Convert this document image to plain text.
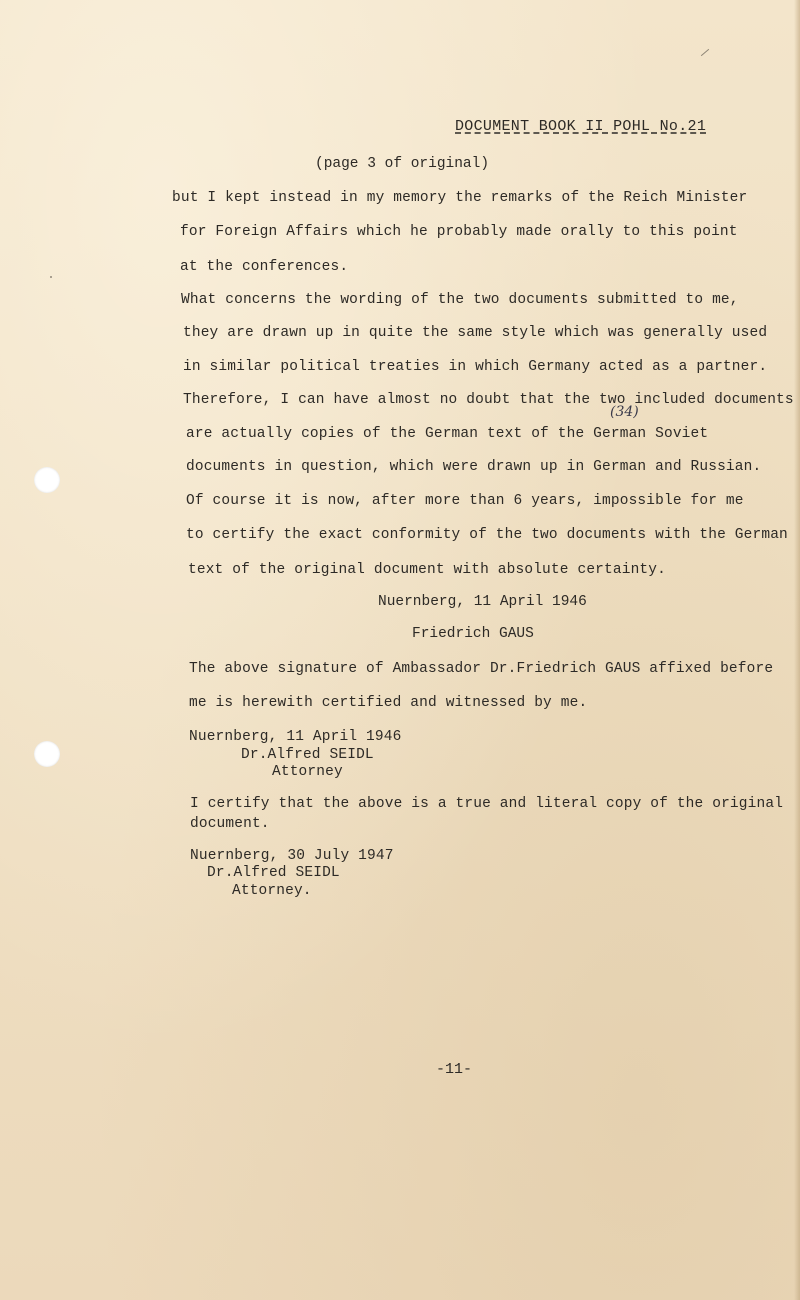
DOCUMENT BOOK II POHL No.21
(page 3 of original)
but I kept instead in my memory the remarks of the Reich Minister
for Foreign Affairs which he probably made orally to this point
at the conferences.
What concerns the wording of the two documents submitted to me,
they are drawn up in quite the same style which was generally used
in similar political treaties in which Germany acted as a partner.
Therefore, I can have almost no doubt that the two included documents
(34)
are actually copies of the German text of the German Soviet
documents in question, which were drawn up in German and Russian.
Of course it is now, after more than 6 years, impossible for me
to certify the exact conformity of the two documents with the German
text of the original document with absolute certainty.
Nuernberg, 11 April 1946
Friedrich GAUS
The above signature of Ambassador Dr.Friedrich GAUS affixed before
me is herewith certified and witnessed by me.
Nuernberg, 11 April 1946
Dr.Alfred SEIDL
Attorney
I certify that the above is a true and literal copy of the original
document.
Nuernberg, 30 July 1947
Dr.Alfred SEIDL
Attorney.
-11-
